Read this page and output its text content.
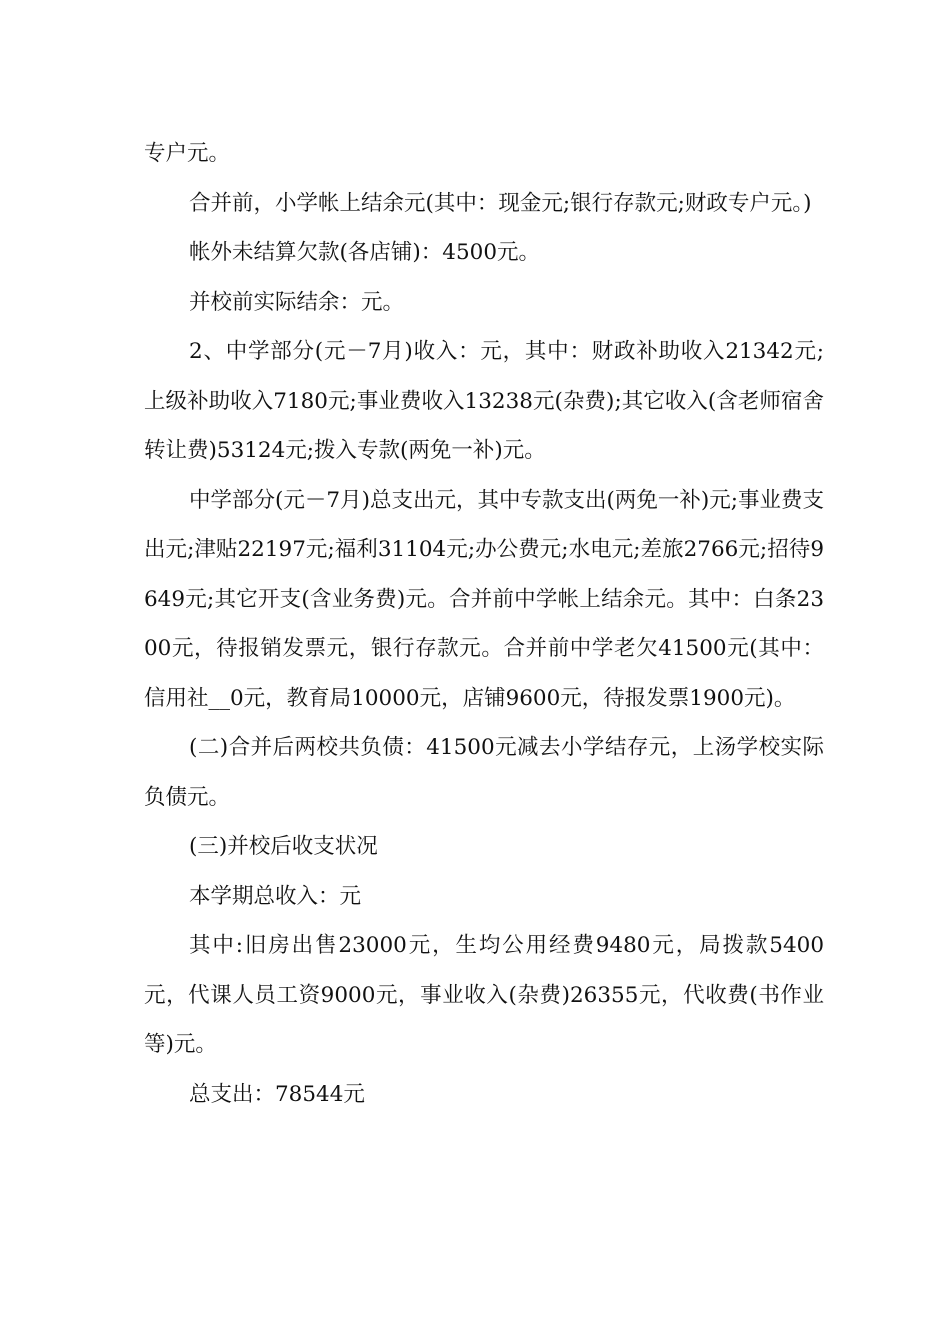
专户元。

合并前，小学帐上结余元(其中：现金元;银行存款元;财政专户元。)

帐外未结算欠款(各店铺)：4500元。

并校前实际结余：元。

2、中学部分(元－7月)收入：元，其中：财政补助收入21342元;上级补助收入7180元;事业费收入13238元(杂费);其它收入(含老师宿舍转让费)53124元;拨入专款(两免一补)元。

中学部分(元－7月)总支出元，其中专款支出(两免一补)元;事业费支出元;津贴22197元;福利31104元;办公费元;水电元;差旅2766元;招待9649元;其它开支(含业务费)元。合并前中学帐上结余元。其中：白条2300元，待报销发票元，银行存款元。合并前中学老欠41500元(其中：信用社__0元，教育局10000元，店铺9600元，待报发票1900元)。

(二)合并后两校共负债：41500元减去小学结存元，上汤学校实际负债元。

(三)并校后收支状况

本学期总收入：元

其中:旧房出售23000元，生均公用经费9480元，局拨款5400元，代课人员工资9000元，事业收入(杂费)26355元，代收费(书作业等)元。

总支出：78544元
